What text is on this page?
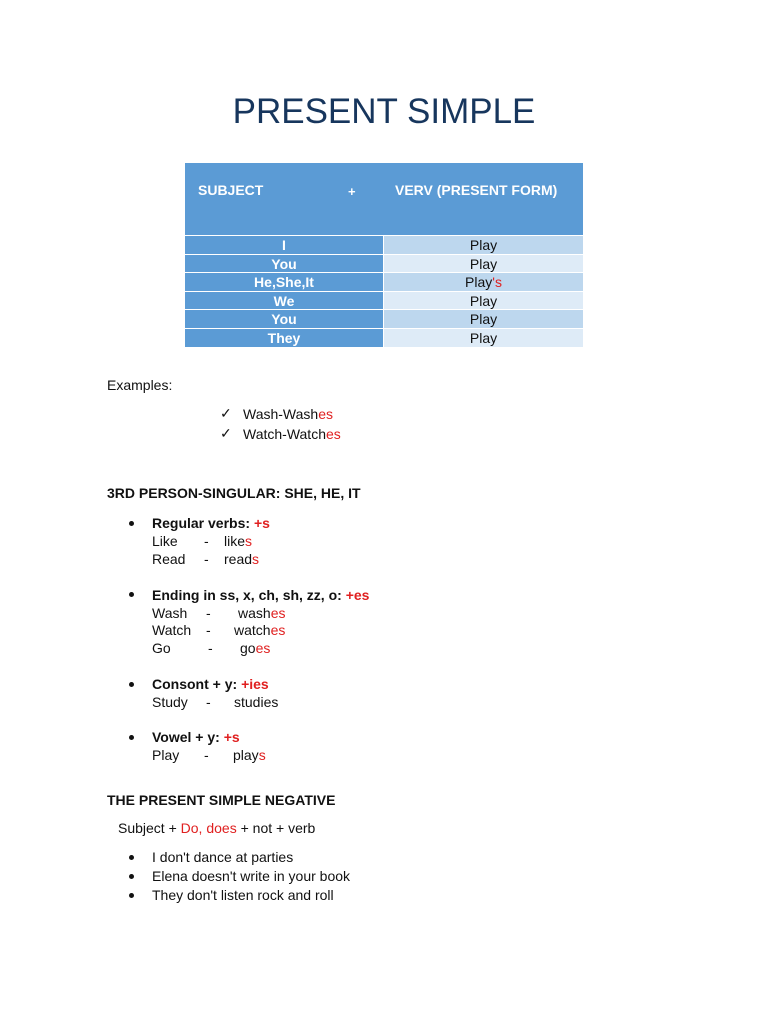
PRESENT SIMPLE
SUBJECT	+	VERV (PRESENT FORM)
I	Play
You	Play
He,She,It	Play's
We	Play
You	Play
They	Play
Examples:
✓ Wash-Washes
✓ Watch-Watches
3RD PERSON-SINGULAR: SHE, HE, IT
Regular verbs: +s
Like - likes
Read - reads
Ending in ss, x, ch, sh, zz, o: +es
Wash - washes
Watch - watches
Go	- goes
Consont + y: +ies
Study - studies
Vowel + y: +s
Play - plays
THE PRESENT SIMPLE NEGATIVE
Subject + Do, does + not + verb
I don't dance at parties
Elena doesn't write in your book
They don't listen rock and roll
